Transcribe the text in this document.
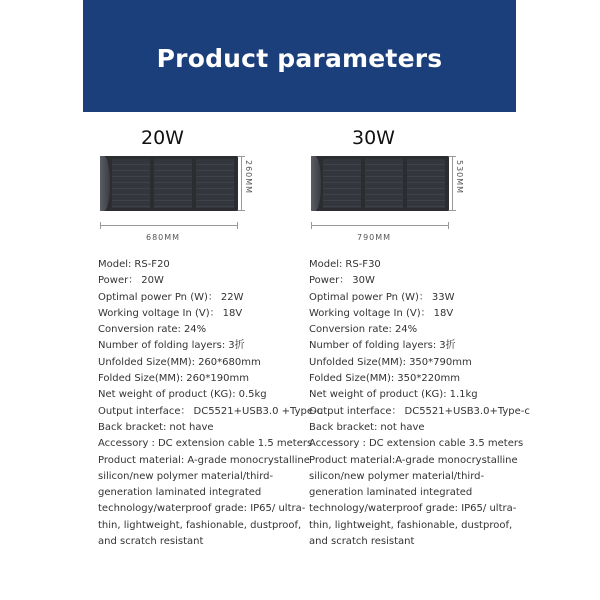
Product parameters
20W
260MM
680MM
Model: RS-F20
Power： 20W
Optimal power Pn (W)： 22W
Working voltage In (V)： 18V
Conversion rate: 24%
Number of folding layers: 3折
Unfolded Size(MM): 260*680mm
Folded Size(MM): 260*190mm
Net weight of product (KG): 0.5kg
Output interface： DC5521+USB3.0 +Type-c
Back bracket: not have
Accessory : DC extension cable 1.5 meters
Product material: A-grade monocrystalline silicon/new polymer material/third-generation laminated integrated technology/waterproof grade: IP65/ ultra-thin, lightweight, fashionable, dustproof, and scratch resistant
30W
530MM
790MM
Model: RS-F30
Power： 30W
Optimal power Pn (W)： 33W
Working voltage In (V)： 18V
Conversion rate: 24%
Number of folding layers: 3折
Unfolded Size(MM): 350*790mm
Folded Size(MM): 350*220mm
Net weight of product (KG): 1.1kg
Output interface： DC5521+USB3.0+Type-c
Back bracket: not have
Accessory : DC extension cable 3.5 meters
Product material:A-grade monocrystalline silicon/new polymer material/third-generation laminated integrated technology/waterproof grade: IP65/ ultra-thin, lightweight, fashionable, dustproof, and scratch resistant
